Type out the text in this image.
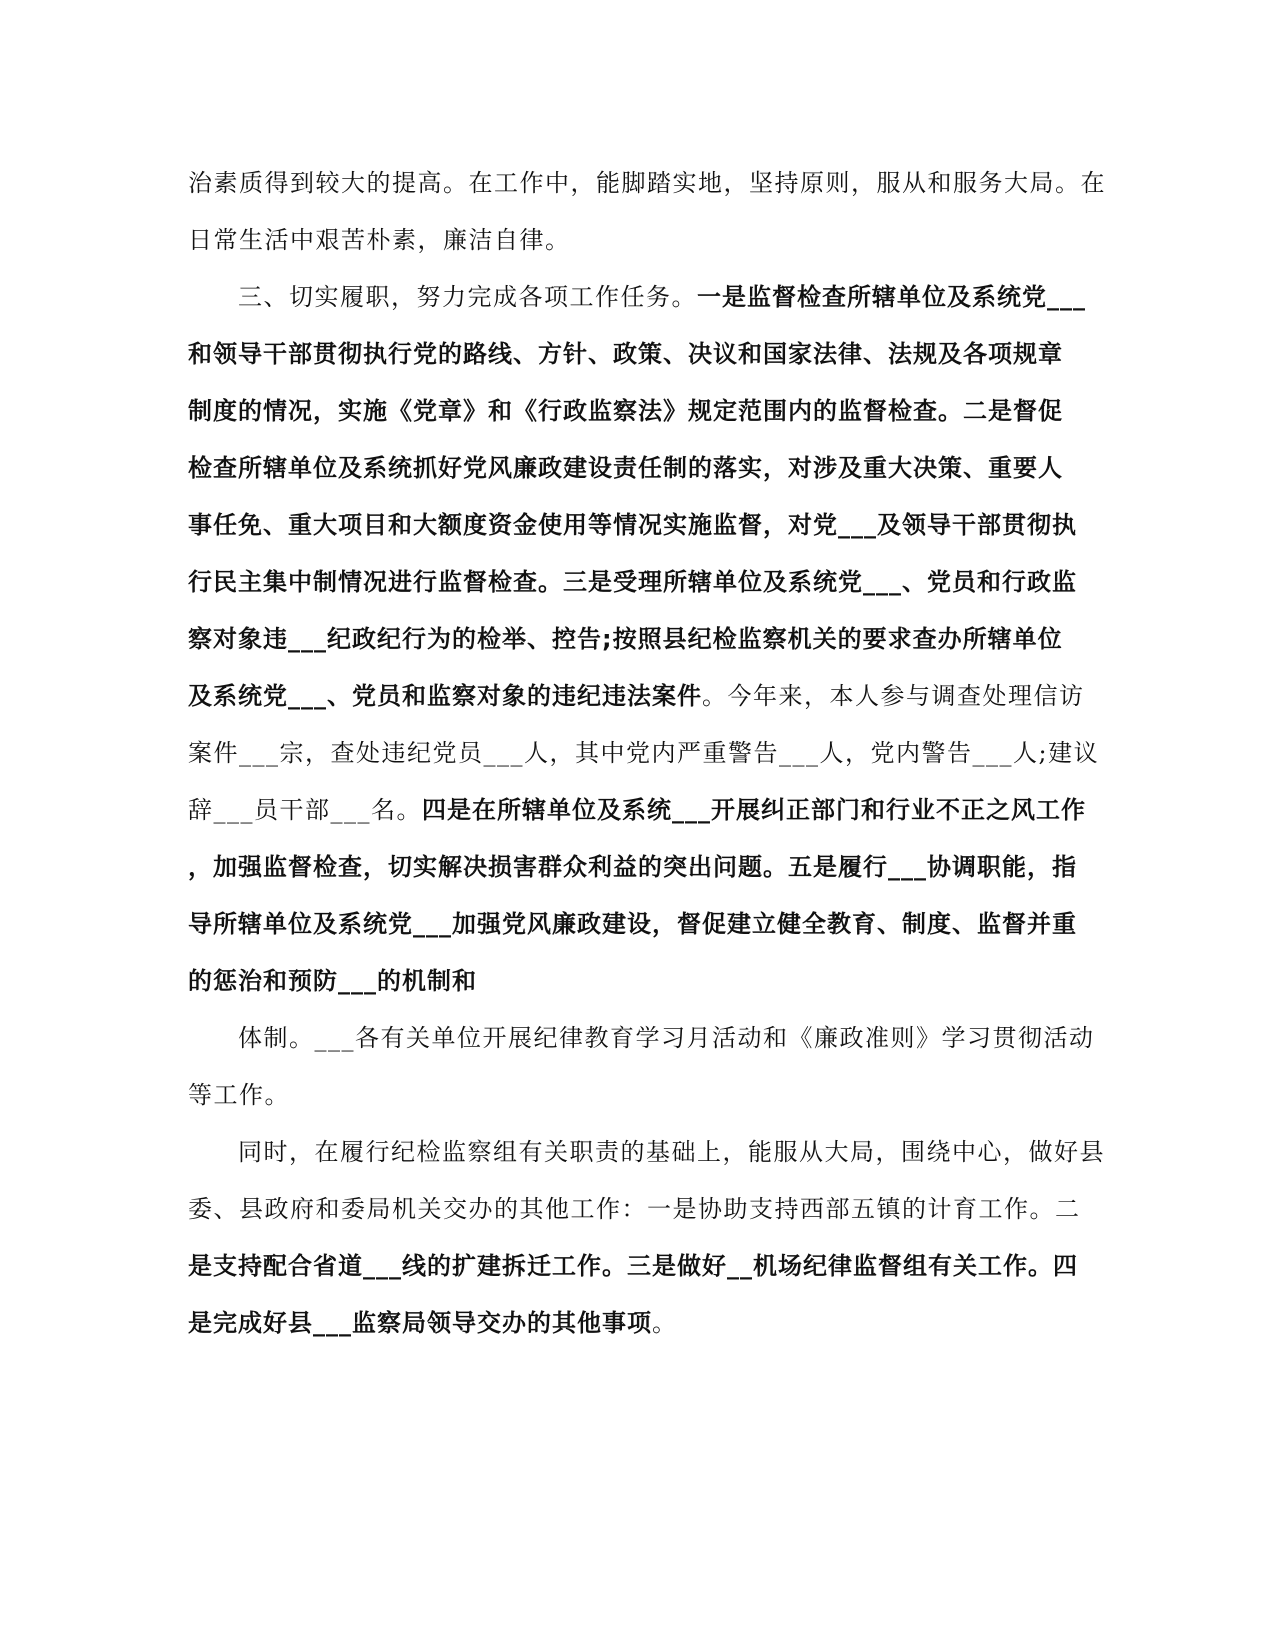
治素质得到较大的提高。在工作中，能脚踏实地，坚持原则，服从和服务大局。在
日常生活中艰苦朴素，廉洁自律。
三、切实履职，努力完成各项工作任务。一是监督检查所辖单位及系统党___
和领导干部贯彻执行党的路线、方针、政策、决议和国家法律、法规及各项规章
制度的情况，实施《党章》和《行政监察法》规定范围内的监督检查。二是督促
检查所辖单位及系统抓好党风廉政建设责任制的落实，对涉及重大决策、重要人
事任免、重大项目和大额度资金使用等情况实施监督，对党___及领导干部贯彻执
行民主集中制情况进行监督检查。三是受理所辖单位及系统党___、党员和行政监
察对象违___纪政纪行为的检举、控告;按照县纪检监察机关的要求查办所辖单位
及系统党___、党员和监察对象的违纪违法案件。今年来，本人参与调查处理信访
案件___宗，查处违纪党员___人，其中党内严重警告___人，党内警告___人;建议
辞___员干部___名。四是在所辖单位及系统___开展纠正部门和行业不正之风工作
，加强监督检查，切实解决损害群众利益的突出问题。五是履行___协调职能，指
导所辖单位及系统党___加强党风廉政建设，督促建立健全教育、制度、监督并重
的惩治和预防___的机制和
体制。___各有关单位开展纪律教育学习月活动和《廉政准则》学习贯彻活动
等工作。
同时，在履行纪检监察组有关职责的基础上，能服从大局，围绕中心，做好县
委、县政府和委局机关交办的其他工作：一是协助支持西部五镇的计育工作。二
是支持配合省道___线的扩建拆迁工作。三是做好__机场纪律监督组有关工作。四
是完成好县___监察局领导交办的其他事项。
